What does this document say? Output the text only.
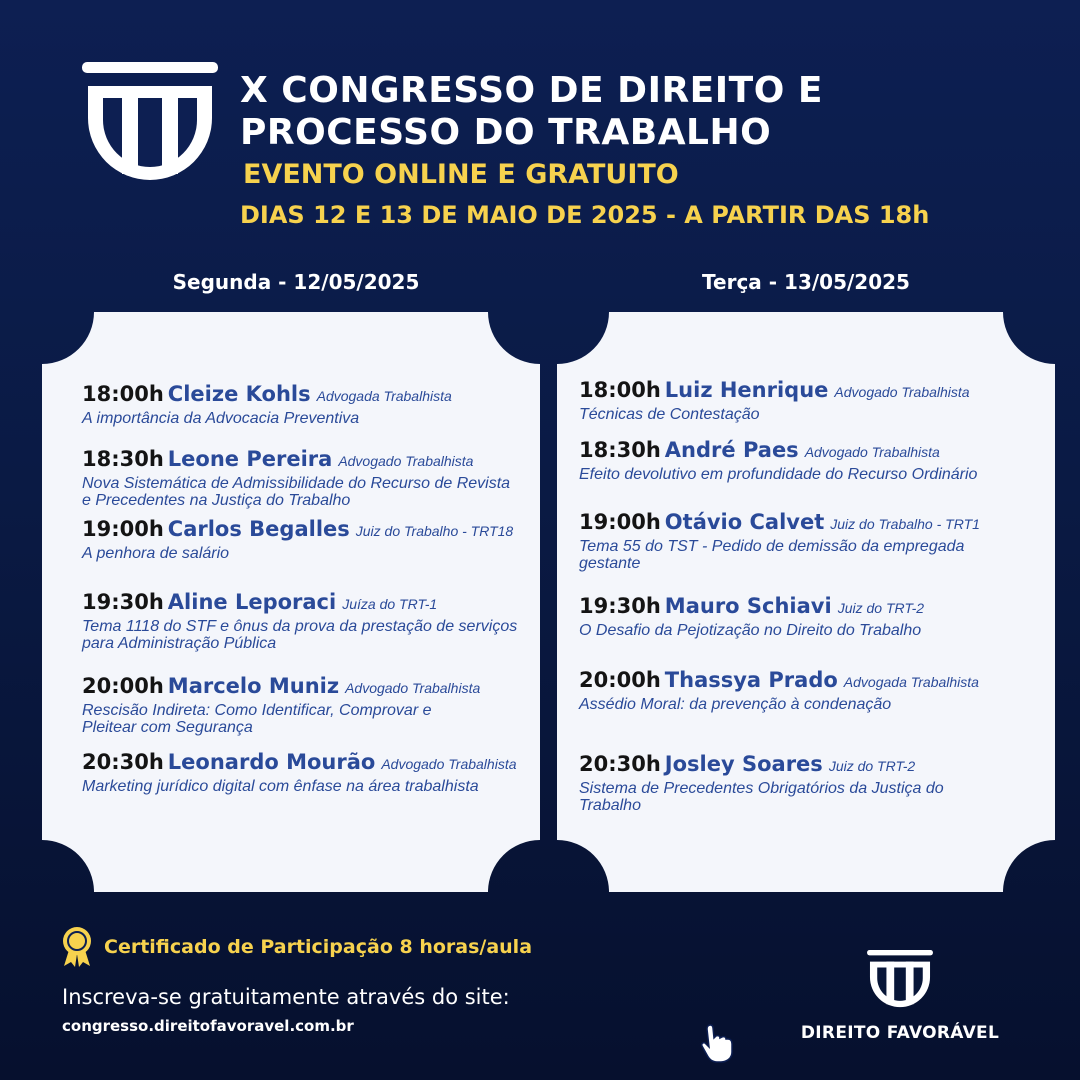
X CONGRESSO DE DIREITO E
PROCESSO DO TRABALHO
EVENTO ONLINE E GRATUITO
DIAS 12 E 13 DE MAIO DE 2025 - A PARTIR DAS 18h
Segunda - 12/05/2025	Terça - 13/05/2025
18:00h Cleize Kohls Advogada Trabalhista
A importância da Advocacia Preventiva
18:30h Leone Pereira Advogado Trabalhista
Nova Sistemática de Admissibilidade do Recurso de Revista
e Precedentes na Justiça do Trabalho
19:00h Carlos Begalles Juiz do Trabalho - TRT18
A penhora de salário
19:30h Aline Leporaci Juíza do TRT-1
Tema 1118 do STF e ônus da prova da prestação de serviços
para Administração Pública
20:00h Marcelo Muniz Advogado Trabalhista
Rescisão Indireta: Como Identificar, Comprovar e
Pleitear com Segurança
20:30h Leonardo Mourão Advogado Trabalhista
Marketing jurídico digital com ênfase na área trabalhista
18:00h Luiz Henrique Advogado Trabalhista
Técnicas de Contestação
18:30h André Paes Advogado Trabalhista
Efeito devolutivo em profundidade do Recurso Ordinário
19:00h Otávio Calvet Juiz do Trabalho - TRT1
Tema 55 do TST - Pedido de demissão da empregada
gestante
19:30h Mauro Schiavi Juiz do TRT-2
O Desafio da Pejotização no Direito do Trabalho
20:00h Thassya Prado Advogada Trabalhista
Assédio Moral: da prevenção à condenação
20:30h Josley Soares Juiz do TRT-2
Sistema de Precedentes Obrigatórios da Justiça do
Trabalho
Certificado de Participação 8 horas/aula
Inscreva-se gratuitamente através do site:
congresso.direitofavoravel.com.br	DIREITO FAVORÁVEL
